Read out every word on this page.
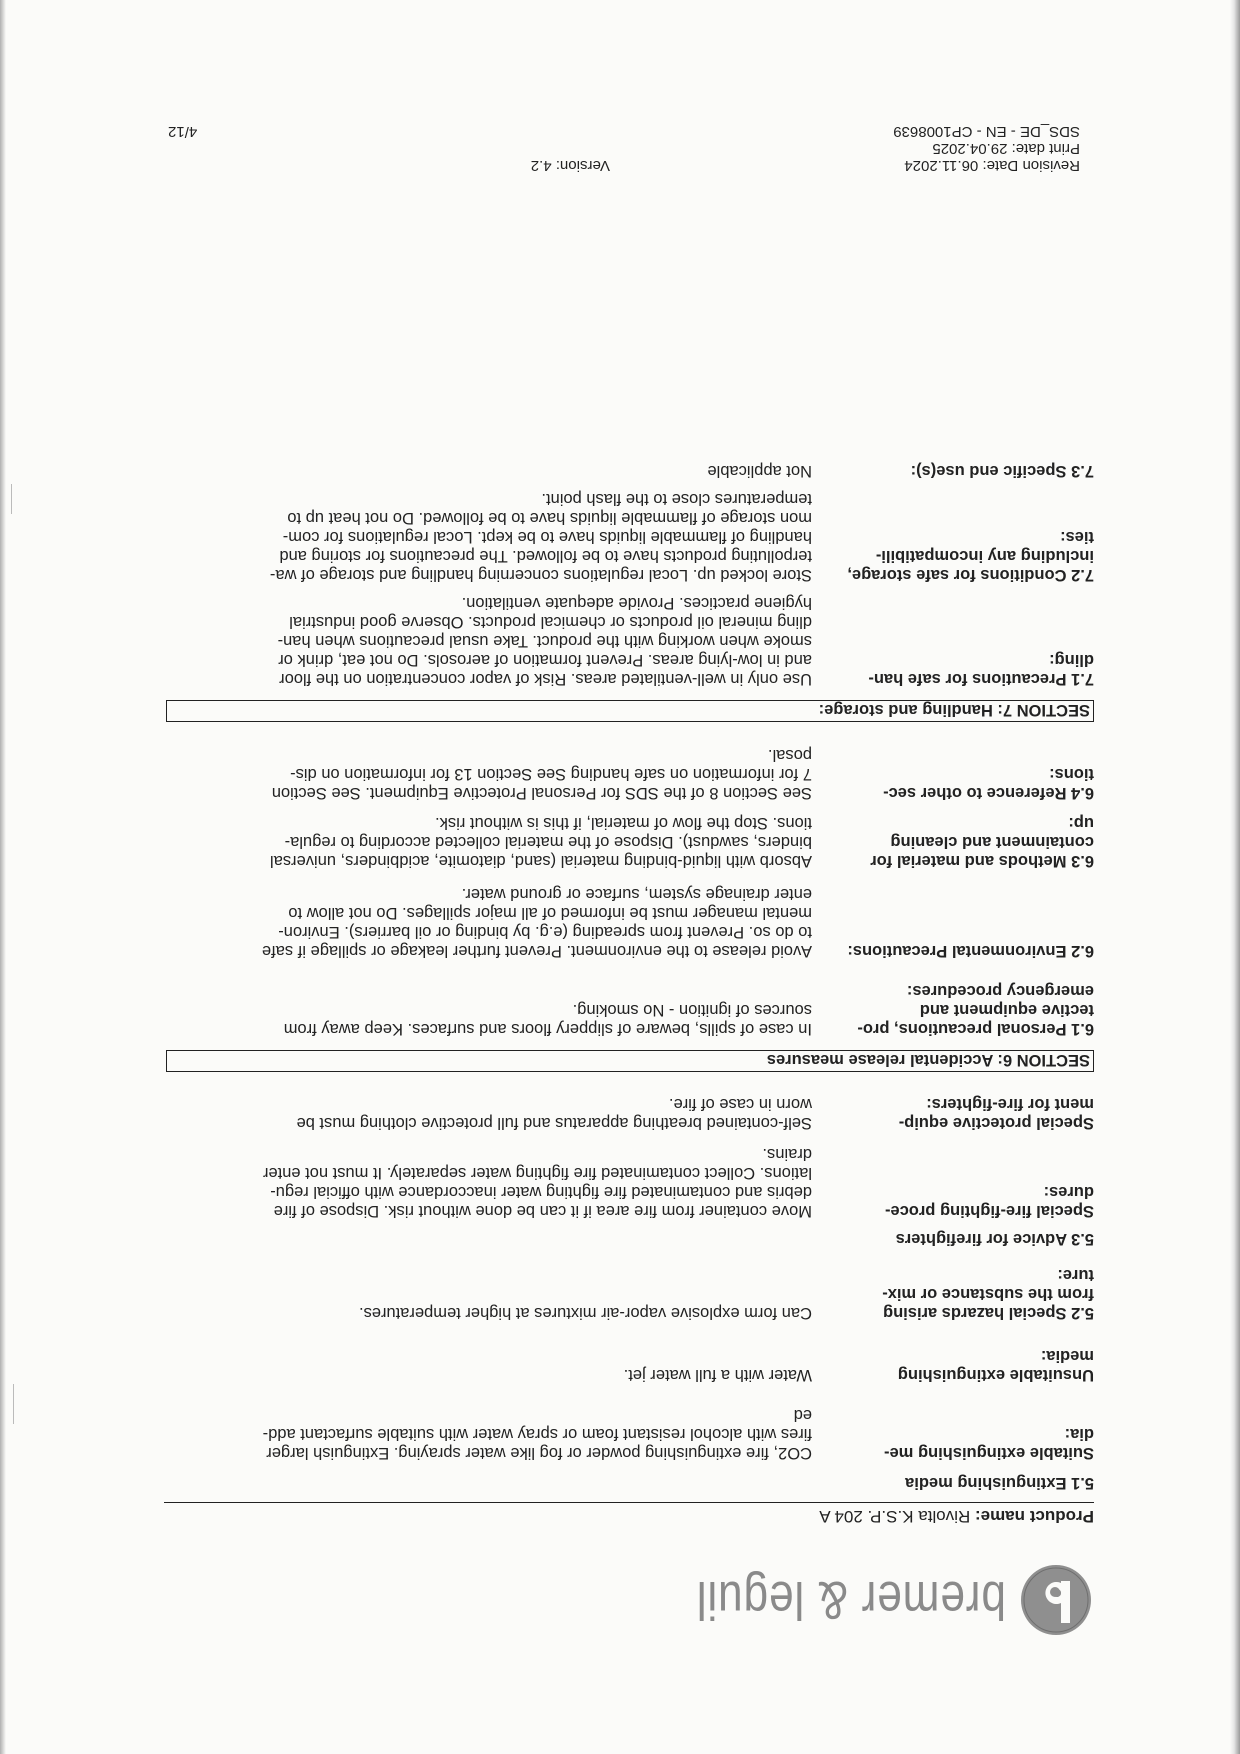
bremer & leguil
Product name: Rivolta K.S.P. 204 A
5.1 Extinguishing media
Suitable extinguishing me-
dia:
CO2, fire extinguishing powder or fog like water spraying. Extinguish larger
fires with alcohol resistant foam or spray water with suitable surfactant add-
ed
Unsuitable extinguishing
media:
Water with a full water jet.
5.2 Special hazards arising
from the substance or mix-
ture:
Can form explosive vapor-air mixtures at higher temperatures.
5.3 Advice for firefighters
Special fire-fighting proce-
dures:
Move container from fire area if it can be done without risk. Dispose of fire
debris and contaminated fire fighting water inaccordance with official regu-
lations. Collect contaminated fire fighting water separately. It must not enter
drains.
Special protective equip-
ment for fire-fighters:
Self-contained breathing apparatus and full protective clothing must be
worn in case of fire.
SECTION 6: Accidental release measures
6.1 Personal precautions, pro-
tective equipment and
emergency procedures:
In case of spills, beware of slippery floors and surfaces. Keep away from
sources of ignition - No smoking.
6.2 Environmental Precautions:
Avoid release to the environment. Prevent further leakage or spillage if safe
to do so. Prevent from spreading (e.g. by binding or oil barriers). Environ-
mental manager must be informed of all major spillages. Do not allow to
enter drainage system, surface or ground water.
6.3 Methods and material for
containment and cleaning
up:
Absorb with liquid-binding material (sand, diatomite, acidbinders, universal
binders, sawdust). Dispose of the material collected according to regula-
tions. Stop the flow of material, if this is without risk.
6.4 Reference to other sec-
tions:
See Section 8 of the SDS for Personal Protective Equipment. See Section
7 for information on safe handing See Section 13 for information on dis-
posal.
SECTION 7: Handling and storage:
7.1 Precautions for safe han-
dling:
Use only in well-ventilated areas. Risk of vapor concentration on the floor
and in low-lying areas. Prevent formation of aerosols. Do not eat, drink or
smoke when working with the product. Take usual precautions when han-
dling mineral oil products or chemical products. Observe good industrial
hygiene practices. Provide adequate ventilation.
7.2 Conditions for safe storage,
including any incompatibili-
ties:
Store locked up. Local regulations concerning handling and storage of wa-
terpolluting products have to be followed. The precautions for storing and
handling of flammable liquids have to be kept. Local regulations for com-
mon storage of flammable liquids have to be followed. Do not heat up to
temperatures close to the flash point.
7.3 Specific end use(s):
Not applicable
Revision Date: 06.11.2024
Print date: 29.04.2025
SDS_DE - EN - CP1008639
Version: 4.2
4/12
